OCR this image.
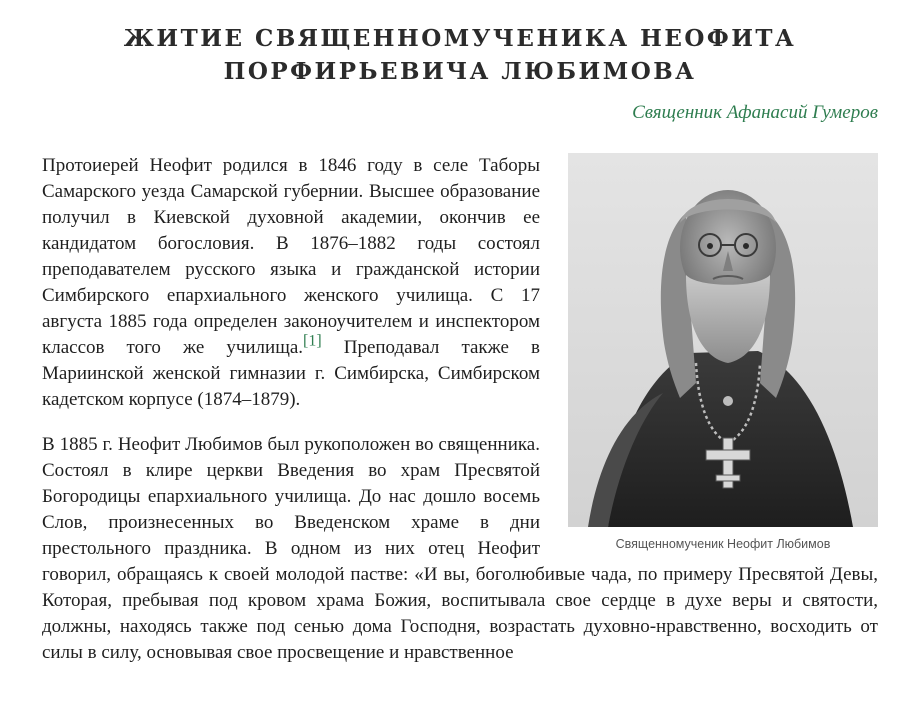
ЖИТИЕ СВЯЩЕННОМУЧЕНИКА НЕОФИТА
ПОРФИРЬЕВИЧА ЛЮБИМОВА
Священник Афанасий Гумеров
Священномученик Неофит Любимов

Протоиерей Неофит родился в 1846 году в селе Таборы Самарского уезда Самарской губернии. Высшее образование получил в Киевской духовной академии, окончив ее кандидатом богословия. В 1876–1882 годы состоял преподавателем русского языка и гражданской истории Симбирского епархиального женского училища. С 17 августа 1885 года определен законоучителем и инспектором классов того же училища.[1] Преподавал также в Мариинской женской гимназии г. Симбирска, Симбирском кадетском корпусе (1874–1879).

В 1885 г. Неофит Любимов был рукоположен во священника. Состоял в клире церкви Введения во храм Пресвятой Богородицы епархиального училища. До нас дошло восемь Слов, произнесенных во Введенском храме в дни престольного праздника. В одном из них отец Неофит говорил, обращаясь к своей молодой пастве: «И вы, боголюбивые чада, по примеру Пресвятой Девы, Которая, пребывая под кровом храма Божия, воспитывала свое сердце в духе веры и святости, должны, находясь также под сенью дома Господня, возрастать духовно-нравственно, восходить от силы в силу, основывая свое просвещение и нравственное
